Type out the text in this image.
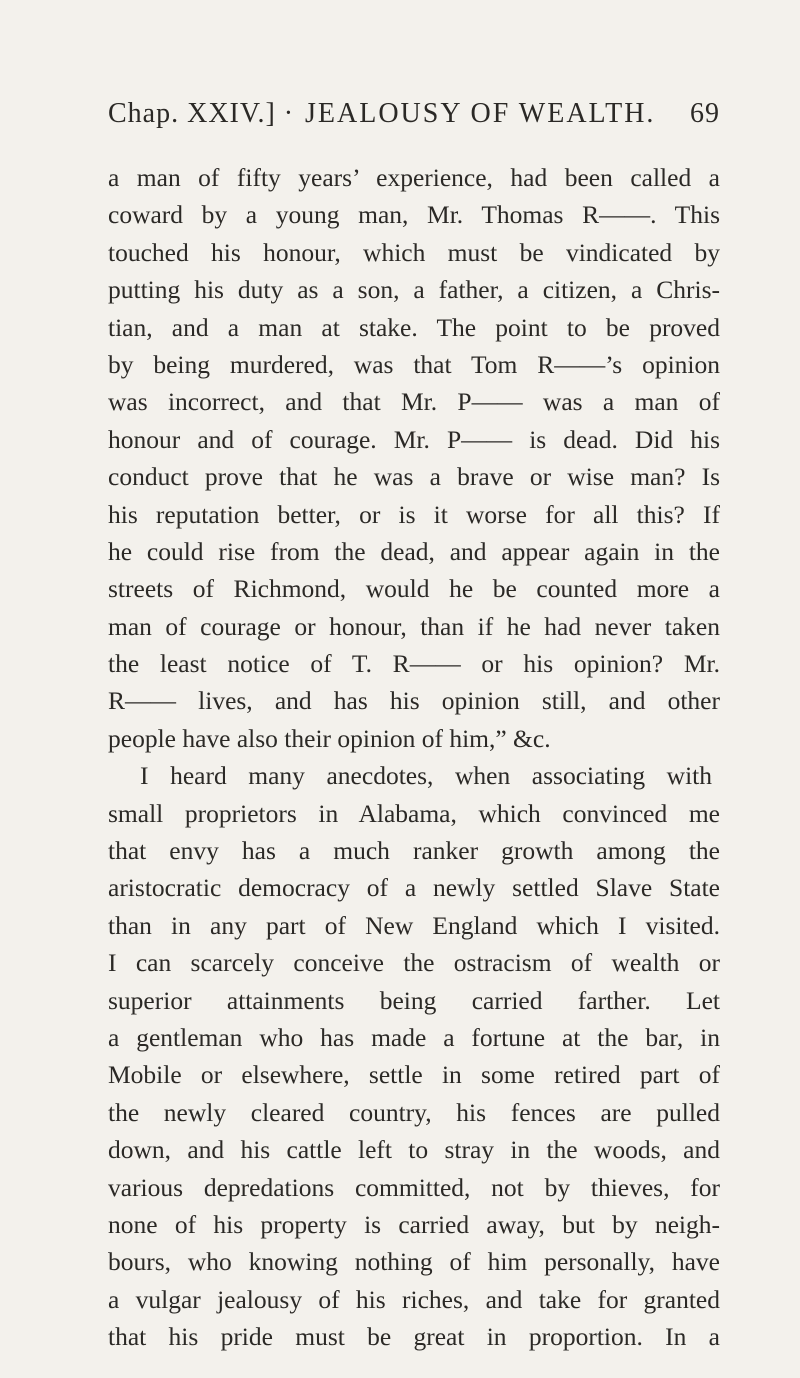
Chap. XXIV.] · JEALOUSY OF WEALTH. 69
a man of fifty years’ experience, had been called a
coward by a young man, Mr. Thomas R——. This
touched his honour, which must be vindicated by
putting his duty as a son, a father, a citizen, a Chris-
tian, and a man at stake. The point to be proved
by being murdered, was that Tom R——’s opinion
was incorrect, and that Mr. P—— was a man of
honour and of courage. Mr. P—— is dead. Did his
conduct prove that he was a brave or wise man? Is
his reputation better, or is it worse for all this? If
he could rise from the dead, and appear again in the
streets of Richmond, would he be counted more a
man of courage or honour, than if he had never taken
the least notice of T. R—— or his opinion? Mr.
R—— lives, and has his opinion still, and other
people have also their opinion of him,” &c.
I heard many anecdotes, when associating with
small proprietors in Alabama, which convinced me
that envy has a much ranker growth among the
aristocratic democracy of a newly settled Slave State
than in any part of New England which I visited.
I can scarcely conceive the ostracism of wealth or
superior attainments being carried farther. Let
a gentleman who has made a fortune at the bar, in
Mobile or elsewhere, settle in some retired part of
the newly cleared country, his fences are pulled
down, and his cattle left to stray in the woods, and
various depredations committed, not by thieves, for
none of his property is carried away, but by neigh-
bours, who knowing nothing of him personally, have
a vulgar jealousy of his riches, and take for granted
that his pride must be great in proportion. In a
